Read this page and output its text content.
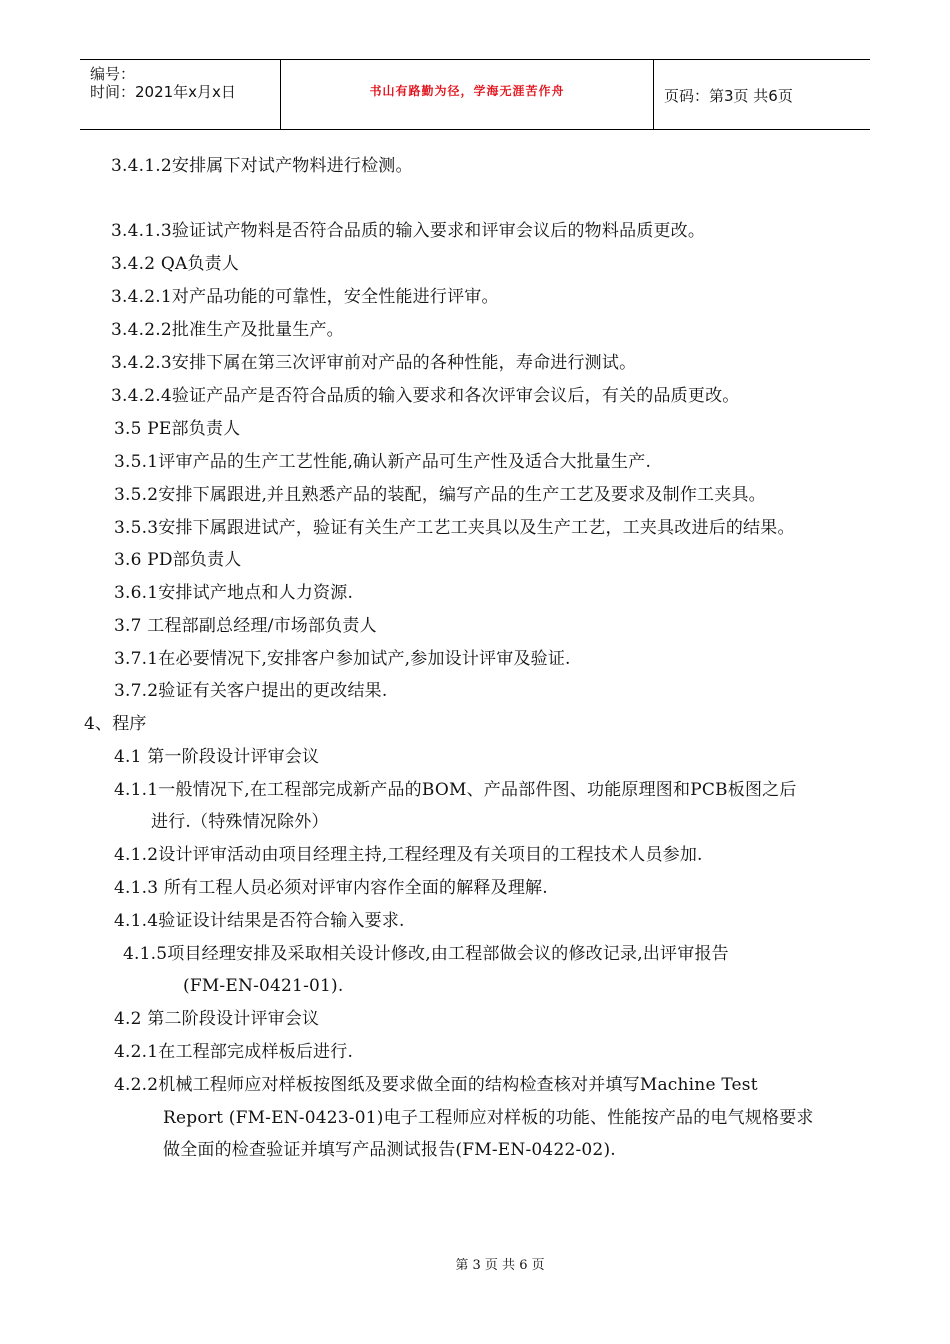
编号：
时间：2021年x月x日	书山有路勤为径，学海无涯苦作舟	页码：第3页 共6页
3.4.1.2安排属下对试产物料进行检测。
3.4.1.3验证试产物料是否符合品质的输入要求和评审会议后的物料品质更改。
3.4.2 QA负责人
3.4.2.1对产品功能的可靠性，安全性能进行评审。
3.4.2.2批准生产及批量生产。
3.4.2.3安排下属在第三次评审前对产品的各种性能，寿命进行测试。
3.4.2.4验证产品产是否符合品质的输入要求和各次评审会议后，有关的品质更改。
3.5 PE部负责人
3.5.1评审产品的生产工艺性能,确认新产品可生产性及适合大批量生产.
3.5.2安排下属跟进,并且熟悉产品的装配，编写产品的生产工艺及要求及制作工夹具。
3.5.3安排下属跟进试产，验证有关生产工艺工夹具以及生产工艺，工夹具改进后的结果。
3.6 PD部负责人
3.6.1安排试产地点和人力资源.
3.7 工程部副总经理/市场部负责人
3.7.1在必要情况下,安排客户参加试产,参加设计评审及验证.
3.7.2验证有关客户提出的更改结果.
4、程序
4.1 第一阶段设计评审会议
4.1.1一般情况下,在工程部完成新产品的BOM、产品部件图、功能原理图和PCB板图之后
进行.（特殊情况除外）
4.1.2设计评审活动由项目经理主持,工程经理及有关项目的工程技术人员参加.
4.1.3 所有工程人员必须对评审内容作全面的解释及理解.
4.1.4验证设计结果是否符合输入要求.
4.1.5项目经理安排及采取相关设计修改,由工程部做会议的修改记录,出评审报告
(FM-EN-0421-01).
4.2 第二阶段设计评审会议
4.2.1在工程部完成样板后进行.
4.2.2机械工程师应对样板按图纸及要求做全面的结构检查核对并填写Machine Test
Report (FM-EN-0423-01)电子工程师应对样板的功能、性能按产品的电气规格要求
做全面的检查验证并填写产品测试报告(FM-EN-0422-02).
第 3 页 共 6 页
